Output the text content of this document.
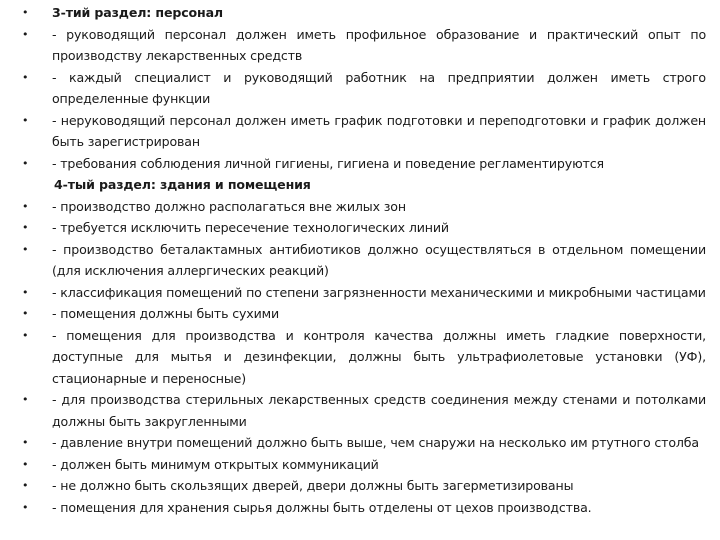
•	3-тий раздел: персонал
•	- руководящий персонал должен иметь профильное образование и практический опыт по производству лекарственных средств
•	- каждый специалист и руководящий работник на предприятии должен иметь строго определенные функции
•	- неруководящий персонал должен иметь график подготовки и переподготовки и график должен быть зарегистрирован
•	- требования соблюдения личной гигиены, гигиена и поведение регламентируются
4-тый раздел: здания и помещения
•	- производство должно располагаться вне жилых зон
•	- требуется исключить пересечение технологических линий
•	- производство беталактамных антибиотиков должно осуществляться в отдельном помещении (для исключения аллергических реакций)
•	- классификация помещений по степени загрязненности механическими и микробными частицами
•	- помещения должны быть сухими
•	- помещения для производства и контроля качества должны иметь гладкие поверхности, доступные для мытья и дезинфекции, должны быть ультрафиолетовые установки (УФ), стационарные и переносные)
•	- для производства стерильных лекарственных средств соединения между стенами и потолками должны быть закругленными
•	- давление внутри помещений должно быть выше, чем снаружи на несколько им ртутного столба
•	- должен быть минимум открытых коммуникаций
•	- не должно быть скользящих дверей, двери должны быть загерметизированы
•	- помещения для хранения сырья должны быть отделены от цехов производства.
